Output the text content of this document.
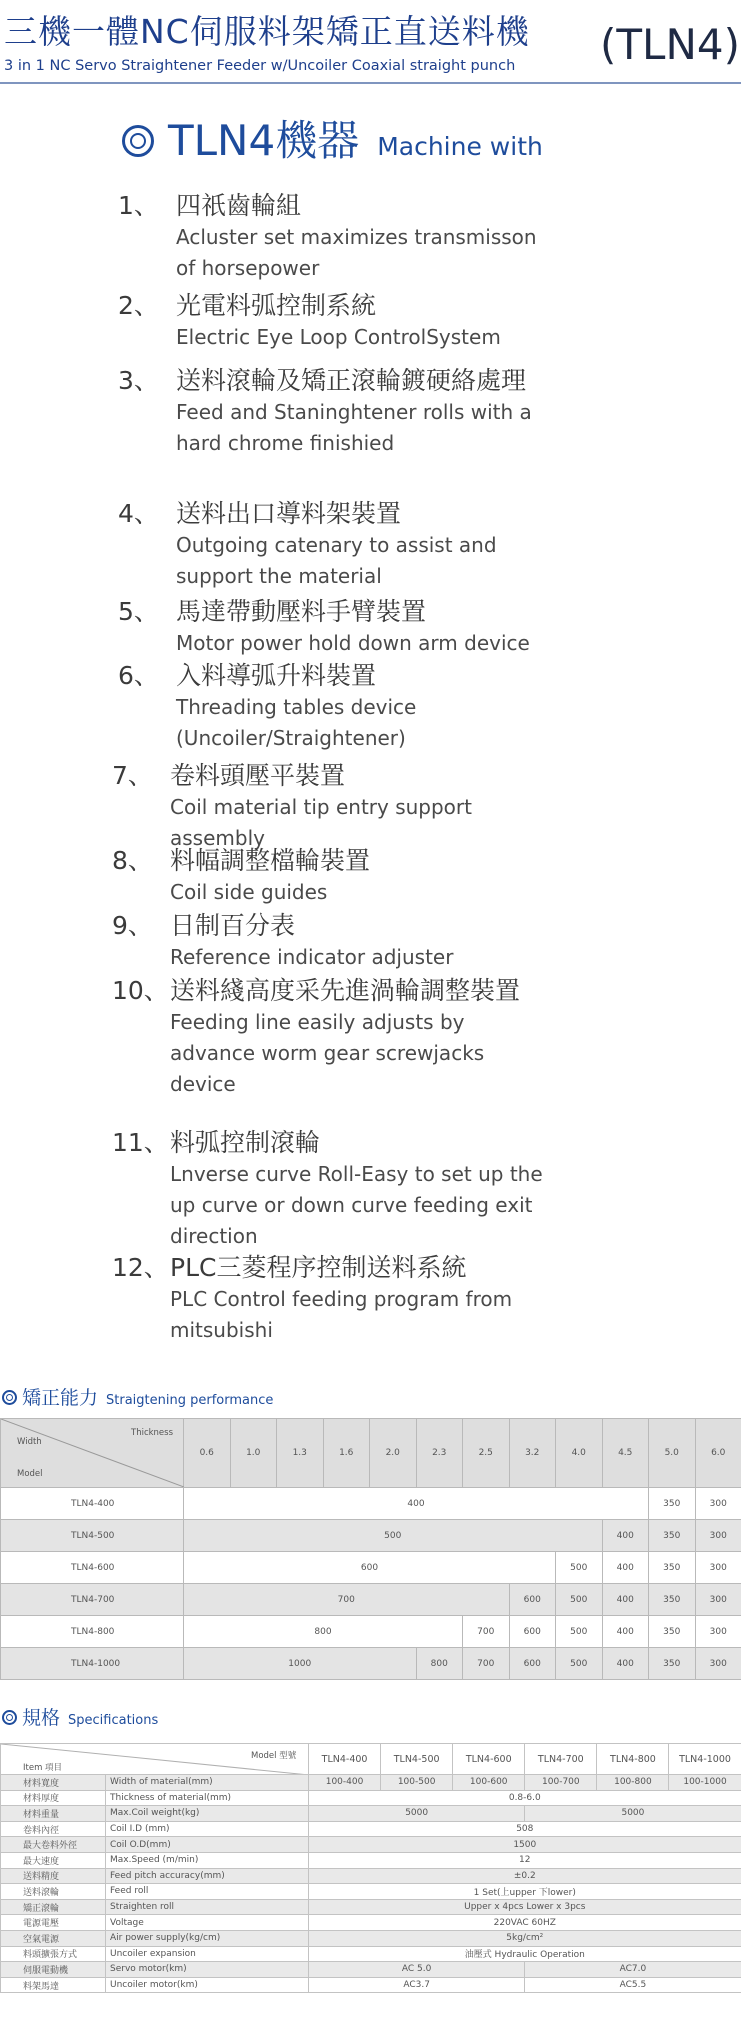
三機一體NC伺服料架矯正直送料機
3 in 1 NC Servo Straightener Feeder w/Uncoiler Coaxial straight punch (TLN4)
TLN4機器 Machine with
1、 四祇齒輪組
Acluster set maximizes transmisson of horsepower
2、 光電料弧控制系統
Electric Eye Loop ControlSystem
3、 送料滾輪及矯正滾輪鍍硬絡處理
Feed and Staninghtener rolls with a hard chrome finishied
4、 送料出口導料架裝置
Outgoing catenary to assist and support the material
5、 馬達帶動壓料手臂裝置
Motor power hold down arm device
6、 入料導弧升料裝置
Threading tables device (Uncoiler/Straightener)
7、 卷料頭壓平裝置
Coil material tip entry support assembly
8、 料幅調整檔輪裝置
Coil side guides
9、 日制百分表
Reference indicator adjuster
10、送料綫高度采先進渦輪調整裝置
Feeding line easily adjusts by advance worm gear screwjacks device
11、料弧控制滾輪
Lnverse curve Roll-Easy to set up the up curve or down curve feeding exit direction
12、PLC三菱程序控制送料系統
PLC Control feeding program from mitsubishi
矯正能力 Straigtening performance
Thickness
Width
Model	0.6	1.0	1.3	1.6	2.0	2.3	2.5	3.2	4.0	4.5	5.0	6.0
TLN4-400	400										350	300
TLN4-500	500									400	350	300
TLN4-600	600								500	400	350	300
TLN4-700	700							600	500	400	350	300
TLN4-800	800						700	600	500	400	350	300
TLN4-1000	1000					800	700	600	500	400	350	300
規格 Specifications
Model 型號
Item 項目		TLN4-400	TLN4-500	TLN4-600	TLN4-700	TLN4-800	TLN4-1000
材料寬度	Width of material(mm)	100-400	100-500	100-600	100-700	100-800	100-1000
材料厚度	Thickness of material(mm)	0.8-6.0					
材料重量	Max.Coil weight(kg)	5000			5000		
卷料內徑	Coil I.D (mm)	508					
最大卷料外徑	Coil O.D(mm)	1500					
最大速度	Max.Speed (m/min)	12					
送料精度	Feed pitch accuracy(mm)	±0.2					
送料滾輪	Feed roll	1 Set(上upper 下lower)					
矯正滾輪	Straighten roll	Upper x 4pcs Lower x 3pcs					
電源電壓	Voltage	220VAC 60HZ					
空氣電源	Air power supply(kg/cm)	5kg/cm²					
料頭擴張方式	Uncoiler expansion	油壓式 Hydraulic Operation					
伺服電動機	Servo motor(km)	AC 5.0			AC7.0		
料架馬達	Uncoiler motor(km)	AC3.7			AC5.5		
